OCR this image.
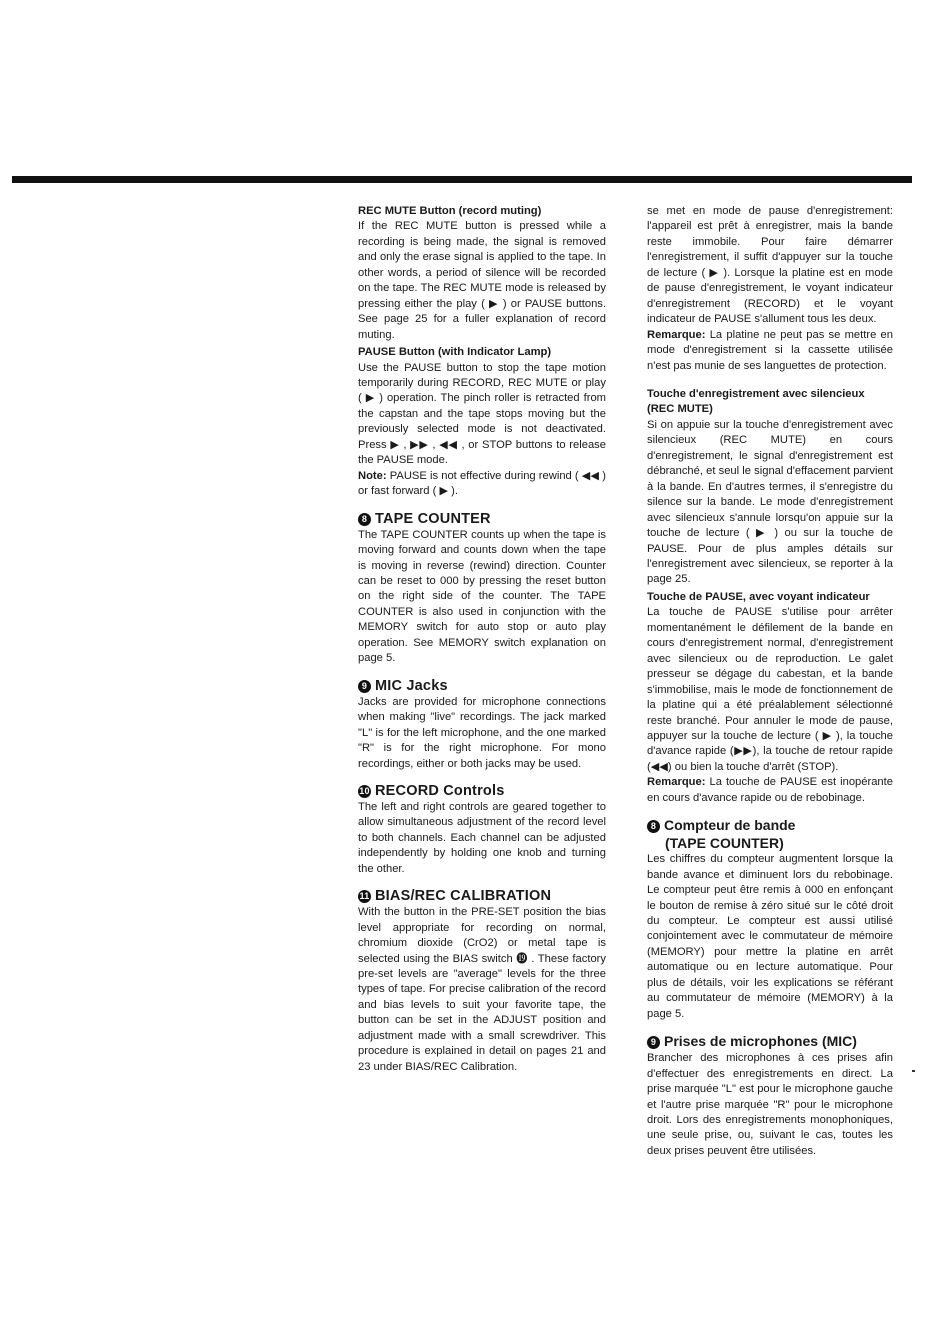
REC MUTE Button (record muting)

If the REC MUTE button is pressed while a recording is being made, the signal is removed and only the erase signal is applied to the tape. In other words, a period of silence will be recorded on the tape. The REC MUTE mode is released by pressing either the play ( ▶ ) or PAUSE buttons. See page 25 for a fuller explanation of record muting.

PAUSE Button (with Indicator Lamp)

Use the PAUSE button to stop the tape motion temporarily during RECORD, REC MUTE or play ( ▶ ) operation. The pinch roller is retracted from the capstan and the tape stops moving but the previously selected mode is not deactivated. Press ▶ , ▶▶ , ◀◀ , or STOP buttons to release the PAUSE mode.

Note: PAUSE is not effective during rewind ( ◀◀ ) or fast forward ( ▶ ).

8 TAPE COUNTER

The TAPE COUNTER counts up when the tape is moving forward and counts down when the tape is moving in reverse (rewind) direction. Counter can be reset to 000 by pressing the reset button on the right side of the counter. The TAPE COUNTER is also used in conjunction with the MEMORY switch for auto stop or auto play operation. See MEMORY switch explanation on page 5.

9 MIC Jacks

Jacks are provided for microphone connections when making "live" recordings. The jack marked "L" is for the left microphone, and the one marked "R" is for the right microphone. For mono recordings, either or both jacks may be used.

10 RECORD Controls

The left and right controls are geared together to allow simultaneous adjustment of the record level to both channels. Each channel can be adjusted independently by holding one knob and turning the other.

11 BIAS/REC CALIBRATION

With the button in the PRE-SET position the bias level appropriate for recording on normal, chromium dioxide (CrO2) or metal tape is selected using the BIAS switch ⓳ . These factory pre-set levels are "average" levels for the three types of tape. For precise calibration of the record and bias levels to suit your favorite tape, the button can be set in the ADJUST position and adjustment made with a small screwdriver. This procedure is explained in detail on pages 21 and 23 under BIAS/REC Calibration.

se met en mode de pause d'enregistrement: l'appareil est prêt à enregistrer, mais la bande reste immobile. Pour faire démarrer l'enregistrement, il suffit d'appuyer sur la touche de lecture ( ▶ ). Lorsque la platine est en mode de pause d'enregistrement, le voyant indicateur d'enregistrement (RECORD) et le voyant indicateur de PAUSE s'allument tous les deux.

Remarque: La platine ne peut pas se mettre en mode d'enregistrement si la cassette utilisée n'est pas munie de ses languettes de protection.

Touche d'enregistrement avec silencieux

(REC MUTE)

Si on appuie sur la touche d'enregistrement avec silencieux (REC MUTE) en cours d'enregistrement, le signal d'enregistrement est débranché, et seul le signal d'effacement parvient à la bande. En d'autres termes, il s'enregistre du silence sur la bande. Le mode d'enregistrement avec silencieux s'annule lorsqu'on appuie sur la touche de lecture ( ▶ ) ou sur la touche de PAUSE. Pour de plus amples détails sur l'enregistrement avec silencieux, se reporter à la page 25.

Touche de PAUSE, avec voyant indicateur

La touche de PAUSE s'utilise pour arrêter momentanément le défilement de la bande en cours d'enregistrement normal, d'enregistrement avec silencieux ou de reproduction. Le galet presseur se dégage du cabestan, et la bande s'immobilise, mais le mode de fonctionnement de la platine qui a été préalablement sélectionné reste branché. Pour annuler le mode de pause, appuyer sur la touche de lecture ( ▶ ), la touche d'avance rapide (▶▶), la touche de retour rapide (◀◀) ou bien la touche d'arrêt (STOP).

Remarque: La touche de PAUSE est inopérante en cours d'avance rapide ou de rebobinage.

8 Compteur de bande

(TAPE COUNTER)

Les chiffres du compteur augmentent lorsque la bande avance et diminuent lors du rebobinage. Le compteur peut être remis à 000 en enfonçant le bouton de remise à zéro situé sur le côté droit du compteur. Le compteur est aussi utilisé conjointement avec le commutateur de mémoire (MEMORY) pour mettre la platine en arrêt automatique ou en lecture automatique. Pour plus de détails, voir les explications se référant au commutateur de mémoire (MEMORY) à la page 5.

9 Prises de microphones (MIC)

Brancher des microphones à ces prises afin d'effectuer des enregistrements en direct. La prise marquée "L" est pour le microphone gauche et l'autre prise marquée "R" pour le microphone droit. Lors des enregistrements monophoniques, une seule prise, ou, suivant le cas, toutes les deux prises peuvent être utilisées.
